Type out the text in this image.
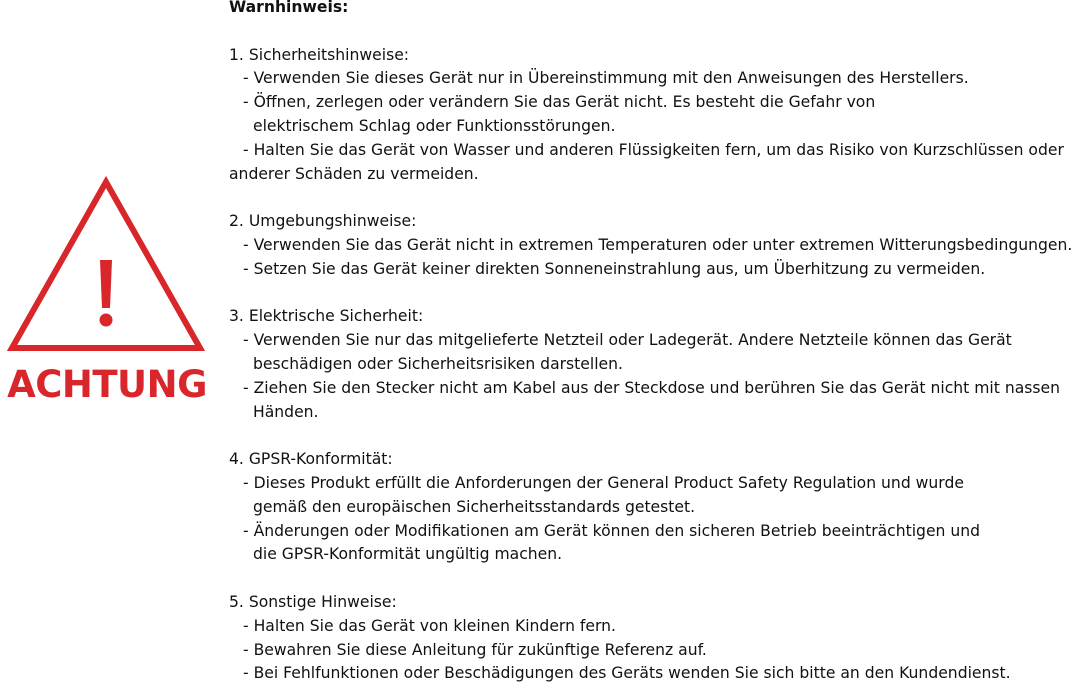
ACHTUNG
Warnhinweis:
1. Sicherheitshinweise:
- Verwenden Sie dieses Gerät nur in Übereinstimmung mit den Anweisungen des Herstellers.
- Öffnen, zerlegen oder verändern Sie das Gerät nicht. Es besteht die Gefahr von
elektrischem Schlag oder Funktionsstörungen.
- Halten Sie das Gerät von Wasser und anderen Flüssigkeiten fern, um das Risiko von Kurzschlüssen oder
anderer Schäden zu vermeiden.
2. Umgebungshinweise:
- Verwenden Sie das Gerät nicht in extremen Temperaturen oder unter extremen Witterungsbedingungen.
- Setzen Sie das Gerät keiner direkten Sonneneinstrahlung aus, um Überhitzung zu vermeiden.
3. Elektrische Sicherheit:
- Verwenden Sie nur das mitgelieferte Netzteil oder Ladegerät. Andere Netzteile können das Gerät
beschädigen oder Sicherheitsrisiken darstellen.
- Ziehen Sie den Stecker nicht am Kabel aus der Steckdose und berühren Sie das Gerät nicht mit nassen
Händen.
4. GPSR-Konformität:
- Dieses Produkt erfüllt die Anforderungen der General Product Safety Regulation und wurde
gemäß den europäischen Sicherheitsstandards getestet.
- Änderungen oder Modifikationen am Gerät können den sicheren Betrieb beeinträchtigen und
die GPSR-Konformität ungültig machen.
5. Sonstige Hinweise:
- Halten Sie das Gerät von kleinen Kindern fern.
- Bewahren Sie diese Anleitung für zukünftige Referenz auf.
- Bei Fehlfunktionen oder Beschädigungen des Geräts wenden Sie sich bitte an den Kundendienst.
